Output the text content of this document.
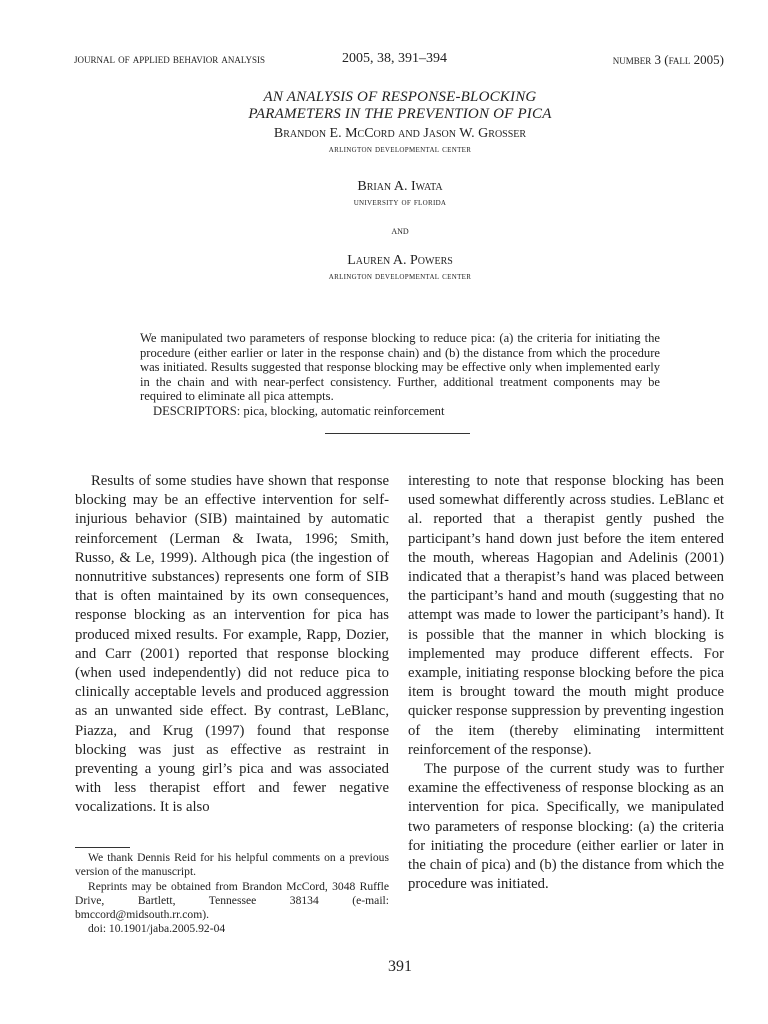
journal of applied behavior analysis	2005, 38, 391–394	number 3 (fall 2005)
AN ANALYSIS OF RESPONSE-BLOCKING
PARAMETERS IN THE PREVENTION OF PICA
Brandon E. McCord and Jason W. Grosser
arlington developmental center
Brian A. Iwata
university of florida
and
Lauren A. Powers
arlington developmental center
We manipulated two parameters of response blocking to reduce pica: (a) the criteria for initiating the procedure (either earlier or later in the response chain) and (b) the distance from which the procedure was initiated. Results suggested that response blocking may be effective only when implemented early in the chain and with near-perfect consistency. Further, additional treatment components may be required to eliminate all pica attempts.
DESCRIPTORS: pica, blocking, automatic reinforcement

Results of some studies have shown that response blocking may be an effective intervention for self-injurious behavior (SIB) maintained by automatic reinforcement (Lerman & Iwata, 1996; Smith, Russo, & Le, 1999). Although pica (the ingestion of nonnutritive substances) represents one form of SIB that is often maintained by its own consequences, response blocking as an intervention for pica has produced mixed results. For example, Rapp, Dozier, and Carr (2001) reported that response blocking (when used independently) did not reduce pica to clinically acceptable levels and produced aggression as an unwanted side effect. By contrast, LeBlanc, Piazza, and Krug (1997) found that response blocking was just as effective as restraint in preventing a young girl’s pica and was associated with less therapist effort and fewer negative vocalizations. It is also

interesting to note that response blocking has been used somewhat differently across studies. LeBlanc et al. reported that a therapist gently pushed the participant’s hand down just before the item entered the mouth, whereas Hagopian and Adelinis (2001) indicated that a therapist’s hand was placed between the participant’s hand and mouth (suggesting that no attempt was made to lower the participant’s hand). It is possible that the manner in which blocking is implemented may produce different effects. For example, initiating response blocking before the pica item is brought toward the mouth might produce quicker response suppression by preventing ingestion of the item (thereby eliminating intermittent reinforcement of the response).

The purpose of the current study was to further examine the effectiveness of response blocking as an intervention for pica. Specifically, we manipulated two parameters of response blocking: (a) the criteria for initiating the procedure (either earlier or later in the chain of pica) and (b) the distance from which the procedure was initiated.

We thank Dennis Reid for his helpful comments on a previous version of the manuscript.

Reprints may be obtained from Brandon McCord, 3048 Ruffle Drive, Bartlett, Tennessee 38134 (e-mail: bmccord@midsouth.rr.com).

doi: 10.1901/jaba.2005.92-04

391
